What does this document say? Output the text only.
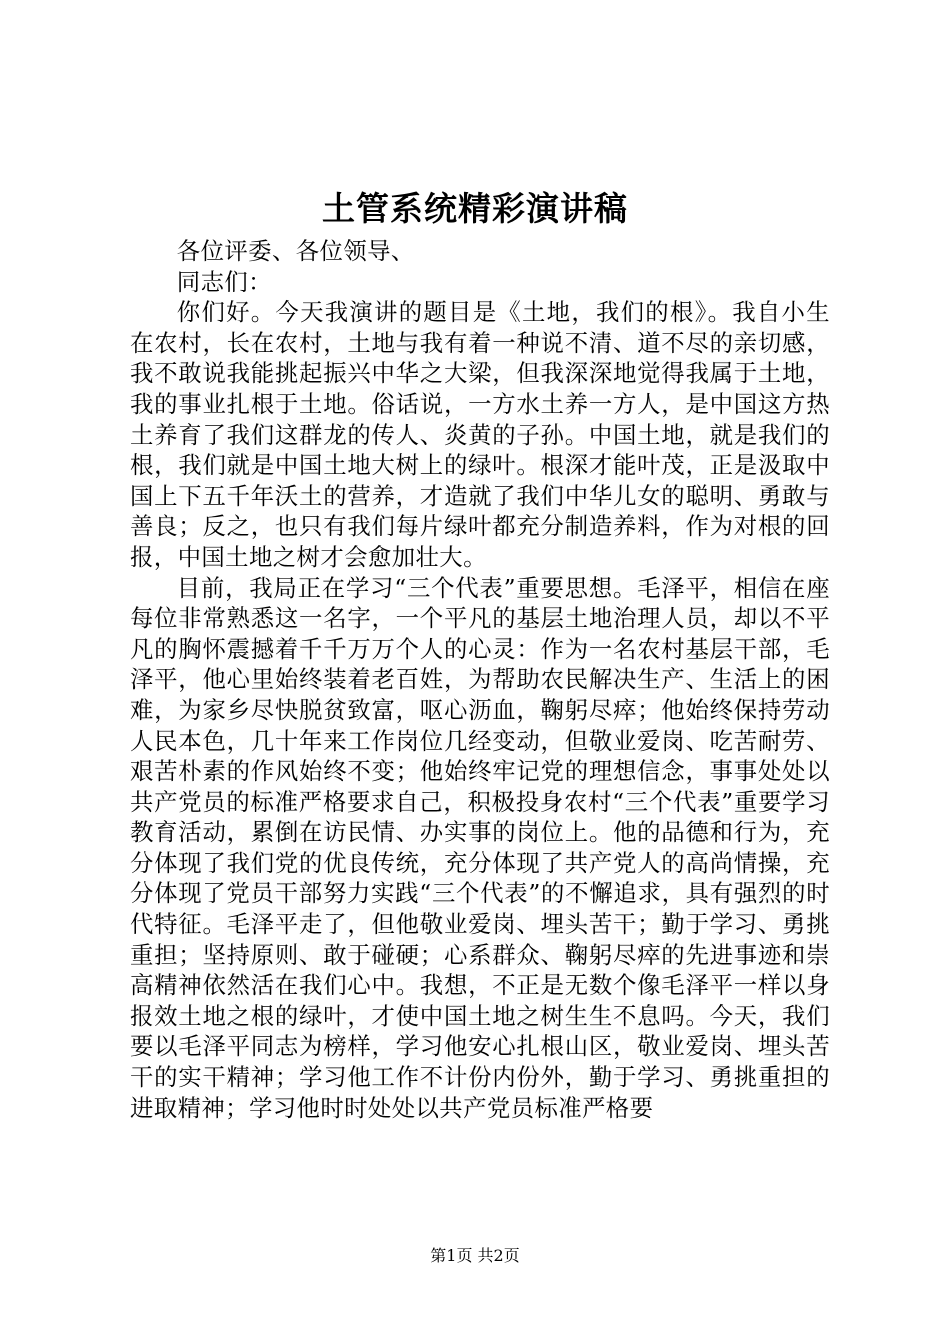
土管系统精彩演讲稿

各位评委、各位领导、

同志们：

你们好。今天我演讲的题目是《土地，我们的根》。我自小生在农村，长在农村，土地与我有着一种说不清、道不尽的亲切感，我不敢说我能挑起振兴中华之大梁，但我深深地觉得我属于土地，我的事业扎根于土地。俗话说，一方水土养一方人，是中国这方热土养育了我们这群龙的传人、炎黄的子孙。中国土地，就是我们的根，我们就是中国土地大树上的绿叶。根深才能叶茂，正是汲取中国上下五千年沃土的营养，才造就了我们中华儿女的聪明、勇敢与善良；反之，也只有我们每片绿叶都充分制造养料，作为对根的回报，中国土地之树才会愈加壮大。

目前，我局正在学习“三个代表”重要思想。毛泽平，相信在座每位非常熟悉这一名字，一个平凡的基层土地治理人员，却以不平凡的胸怀震撼着千千万万个人的心灵：作为一名农村基层干部，毛泽平，他心里始终装着老百姓，为帮助农民解决生产、生活上的困难，为家乡尽快脱贫致富，呕心沥血，鞠躬尽瘁；他始终保持劳动人民本色，几十年来工作岗位几经变动，但敬业爱岗、吃苦耐劳、艰苦朴素的作风始终不变；他始终牢记党的理想信念，事事处处以共产党员的标准严格要求自己，积极投身农村“三个代表”重要学习教育活动，累倒在访民情、办实事的岗位上。他的品德和行为，充分体现了我们党的优良传统，充分体现了共产党人的高尚情操，充分体现了党员干部努力实践“三个代表”的不懈追求，具有强烈的时代特征。毛泽平走了，但他敬业爱岗、埋头苦干；勤于学习、勇挑重担；坚持原则、敢于碰硬；心系群众、鞠躬尽瘁的先进事迹和崇高精神依然活在我们心中。我想，不正是无数个像毛泽平一样以身报效土地之根的绿叶，才使中国土地之树生生不息吗。今天，我们要以毛泽平同志为榜样，学习他安心扎根山区，敬业爱岗、埋头苦干的实干精神；学习他工作不计份内份外，勤于学习、勇挑重担的进取精神；学习他时时处处以共产党员标准严格要

第1页 共2页
